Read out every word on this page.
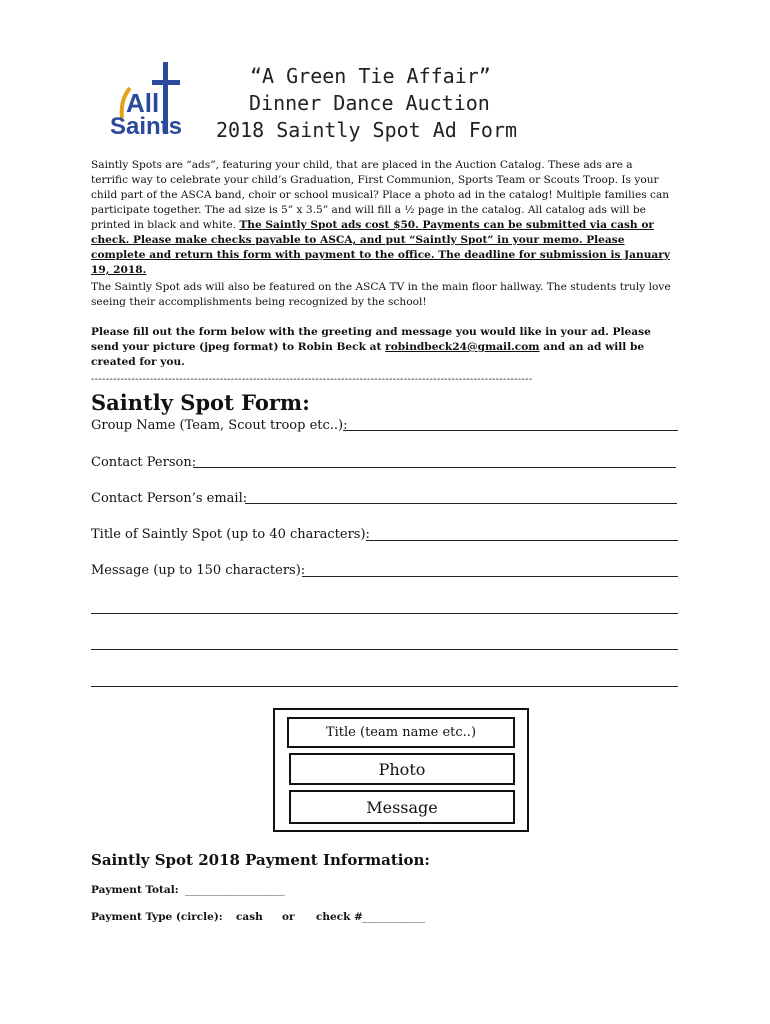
All
Saints
“A Green Tie Affair”
Dinner Dance Auction
2018 Saintly Spot Ad Form
Saintly Spots are “ads”, featuring your child, that are placed in the Auction Catalog. These ads are a terrific way to celebrate your child’s Graduation, First Communion, Sports Team or Scouts Troop. Is your child part of the ASCA band, choir or school musical? Place a photo ad in the catalog! Multiple families can participate together. The ad size is 5” x 3.5” and will fill a ½ page in the catalog. All catalog ads will be printed in black and white. The Saintly Spot ads cost $50. Payments can be submitted via cash or check. Please make checks payable to ASCA, and put “Saintly Spot” in your memo. Please complete and return this form with payment to the office. The deadline for submission is January 19, 2018.
The Saintly Spot ads will also be featured on the ASCA TV in the main floor hallway. The students truly love seeing their accomplishments being recognized by the school!
Please fill out the form below with the greeting and message you would like in your ad. Please send your picture (jpeg format) to Robin Beck at robindbeck24@gmail.com and an ad will be created for you.
------------------------------------------------------------------------------------------------------------------------
Saintly Spot Form:
Group Name (Team, Scout troop etc..):
Contact Person:
Contact Person’s email:
Title of Saintly Spot (up to 40 characters):
Message (up to 150 characters):
Title (team name etc..)
Photo
Message
Saintly Spot 2018 Payment Information:
Payment Total: ___________________
Payment Type (circle): cash or check # ____________
